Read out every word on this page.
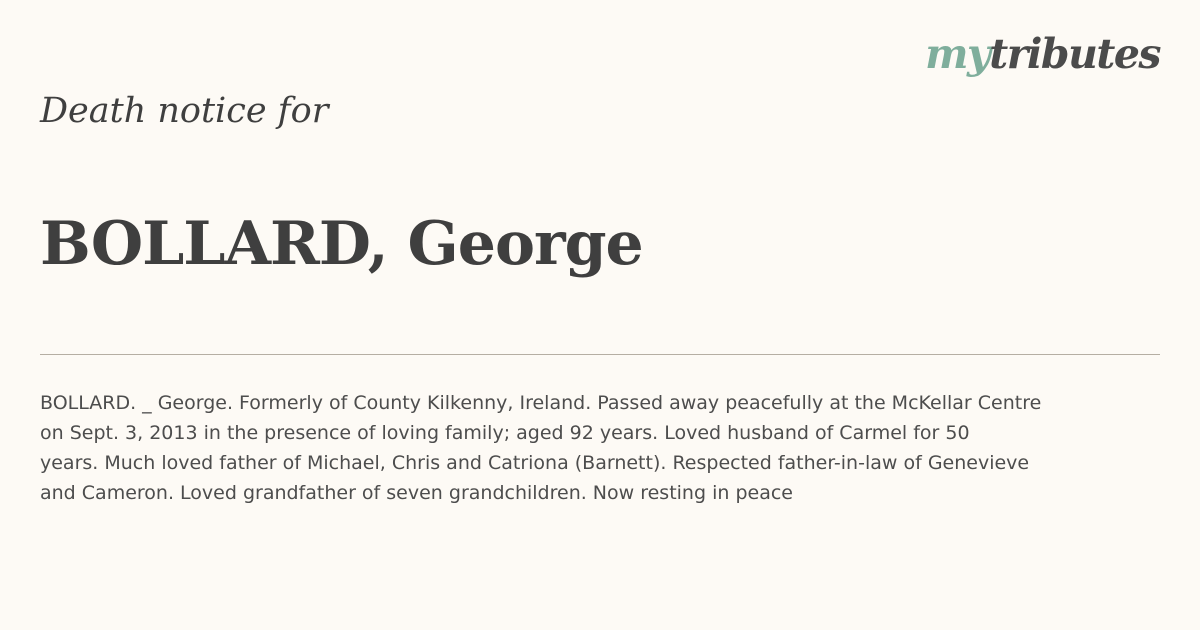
mytributes
Death notice for
BOLLARD, George

BOLLARD. _ George. Formerly of County Kilkenny, Ireland. Passed away peacefully at the McKellar Centre
on Sept. 3, 2013 in the presence of loving family; aged 92 years. Loved husband of Carmel for 50
years. Much loved father of Michael, Chris and Catriona (Barnett). Respected father-in-law of Genevieve
and Cameron. Loved grandfather of seven grandchildren. Now resting in peace
